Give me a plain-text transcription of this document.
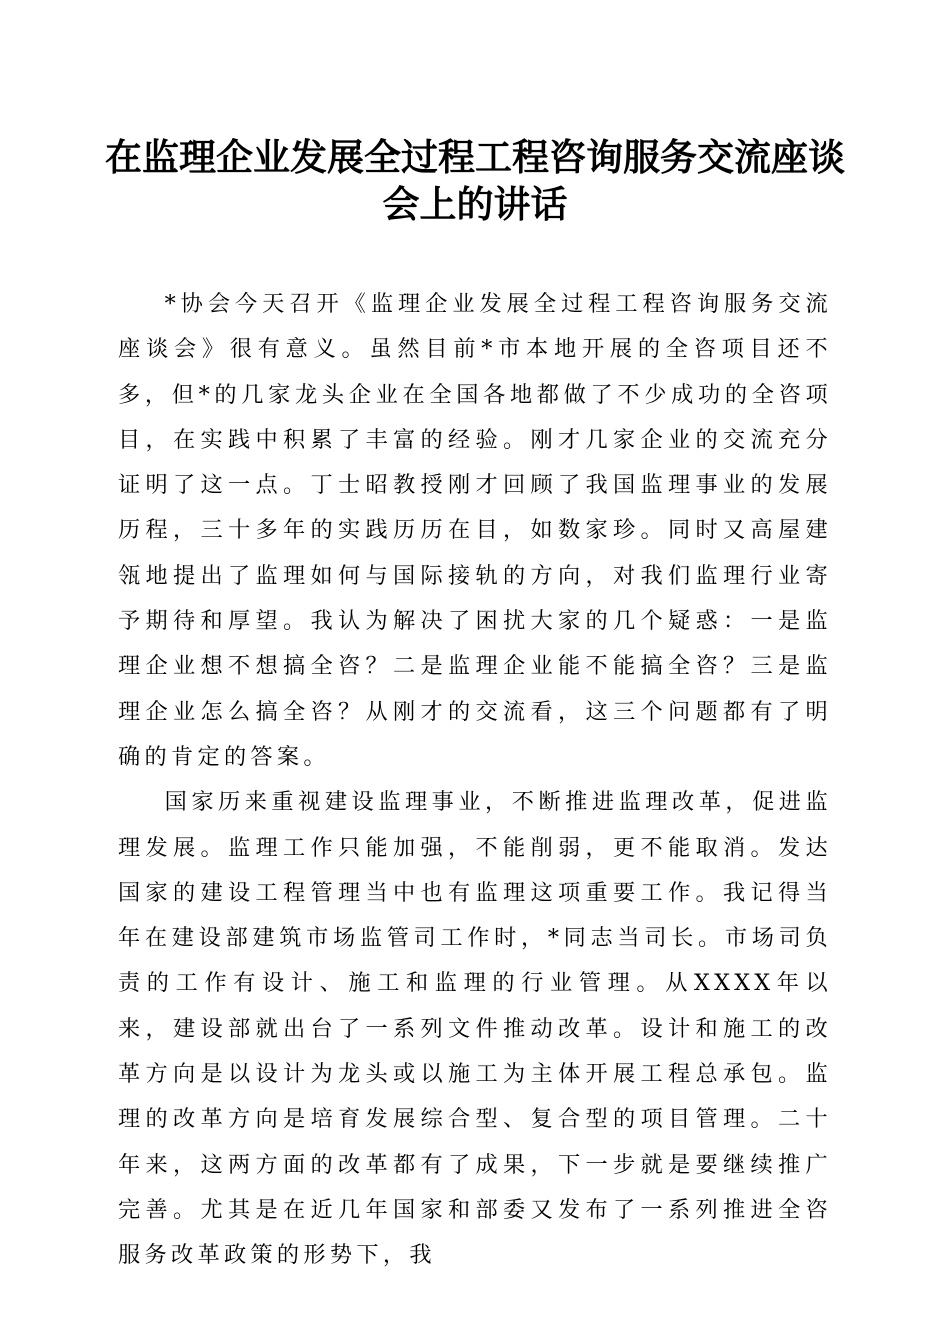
在监理企业发展全过程工程咨询服务交流座谈会上的讲话

*协会今天召开《监理企业发展全过程工程咨询服务交流座谈会》很有意义。虽然目前*市本地开展的全咨项目还不多，但*的几家龙头企业在全国各地都做了不少成功的全咨项目，在实践中积累了丰富的经验。刚才几家企业的交流充分证明了这一点。丁士昭教授刚才回顾了我国监理事业的发展历程，三十多年的实践历历在目，如数家珍。同时又高屋建瓴地提出了监理如何与国际接轨的方向，对我们监理行业寄予期待和厚望。我认为解决了困扰大家的几个疑惑：一是监理企业想不想搞全咨？二是监理企业能不能搞全咨？三是监理企业怎么搞全咨？从刚才的交流看，这三个问题都有了明确的肯定的答案。

国家历来重视建设监理事业，不断推进监理改革，促进监理发展。监理工作只能加强，不能削弱，更不能取消。发达国家的建设工程管理当中也有监理这项重要工作。我记得当年在建设部建筑市场监管司工作时，*同志当司长。市场司负责的工作有设计、施工和监理的行业管理。从XXXX年以来，建设部就出台了一系列文件推动改革。设计和施工的改革方向是以设计为龙头或以施工为主体开展工程总承包。监理的改革方向是培育发展综合型、复合型的项目管理。二十年来，这两方面的改革都有了成果，下一步就是要继续推广完善。尤其是在近几年国家和部委又发布了一系列推进全咨服务改革政策的形势下，我
